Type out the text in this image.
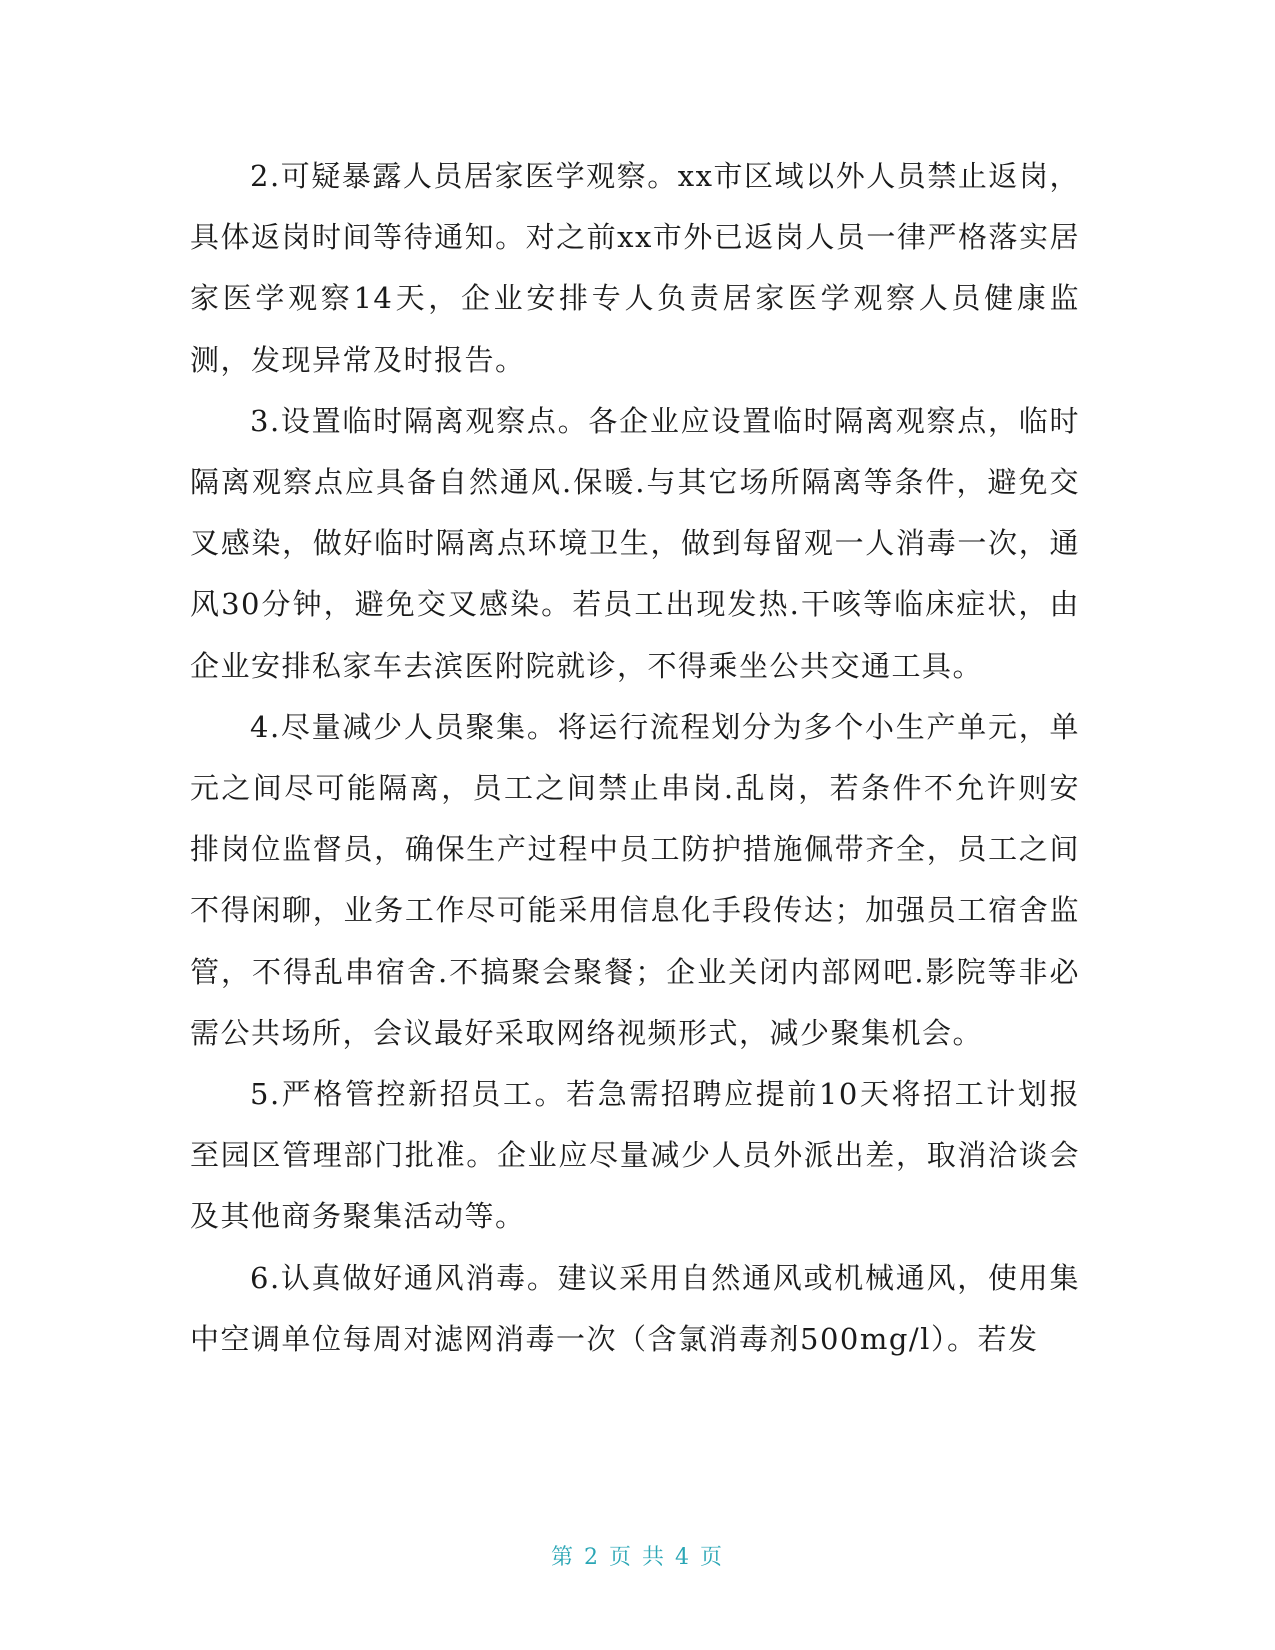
2.可疑暴露人员居家医学观察。xx市区域以外人员禁止返岗，具体返岗时间等待通知。对之前xx市外已返岗人员一律严格落实居家医学观察14天，企业安排专人负责居家医学观察人员健康监测，发现异常及时报告。

3.设置临时隔离观察点。各企业应设置临时隔离观察点，临时隔离观察点应具备自然通风.保暖.与其它场所隔离等条件，避免交叉感染，做好临时隔离点环境卫生，做到每留观一人消毒一次，通风30分钟，避免交叉感染。若员工出现发热.干咳等临床症状，由企业安排私家车去滨医附院就诊，不得乘坐公共交通工具。

4.尽量减少人员聚集。将运行流程划分为多个小生产单元，单元之间尽可能隔离，员工之间禁止串岗.乱岗，若条件不允许则安排岗位监督员，确保生产过程中员工防护措施佩带齐全，员工之间不得闲聊，业务工作尽可能采用信息化手段传达；加强员工宿舍监管，不得乱串宿舍.不搞聚会聚餐；企业关闭内部网吧.影院等非必需公共场所，会议最好采取网络视频形式，减少聚集机会。

5.严格管控新招员工。若急需招聘应提前10天将招工计划报至园区管理部门批准。企业应尽量减少人员外派出差，取消洽谈会及其他商务聚集活动等。

6.认真做好通风消毒。建议采用自然通风或机械通风，使用集中空调单位每周对滤网消毒一次（含氯消毒剂500mg/l）。若发

第 2 页 共 4 页
